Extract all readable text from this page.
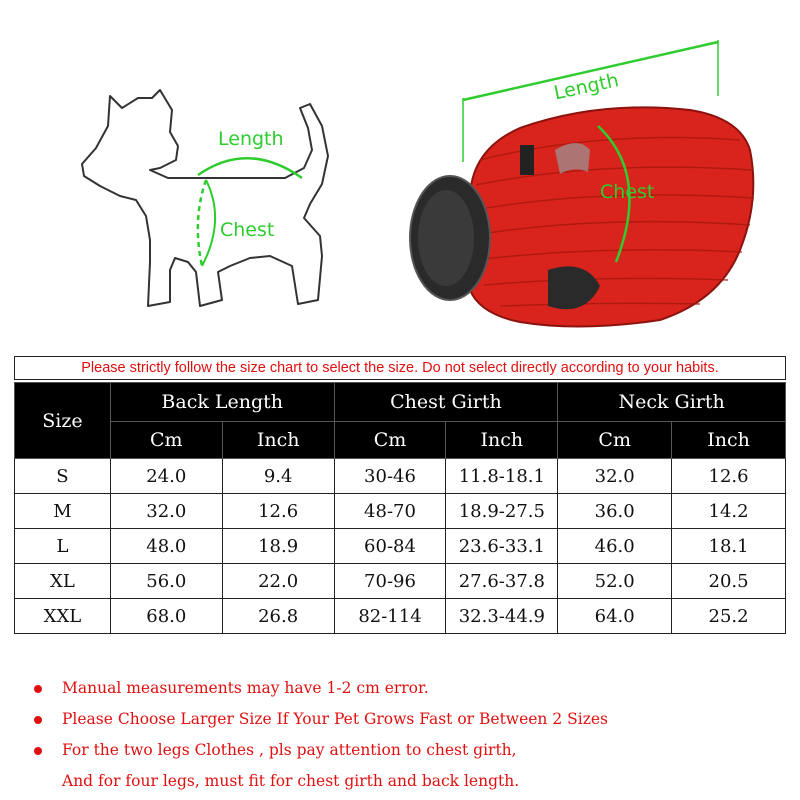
Length
Chest
Length
Chest
Please strictly follow the size chart to select the size. Do not select directly according to your habits.
Size	Back Length		Chest Girth		Neck Girth	
	Cm	Inch	Cm	Inch	Cm	Inch
S	24.0	9.4	30-46	11.8-18.1	32.0	12.6
M	32.0	12.6	48-70	18.9-27.5	36.0	14.2
L	48.0	18.9	60-84	23.6-33.1	46.0	18.1
XL	56.0	22.0	70-96	27.6-37.8	52.0	20.5
XXL	68.0	26.8	82-114	32.3-44.9	64.0	25.2
Manual measurements may have 1-2 cm error.
Please Choose Larger Size If Your Pet Grows Fast or Between 2 Sizes
For the two legs Clothes , pls pay attention to chest girth,
And for four legs, must fit for chest girth and back length.
